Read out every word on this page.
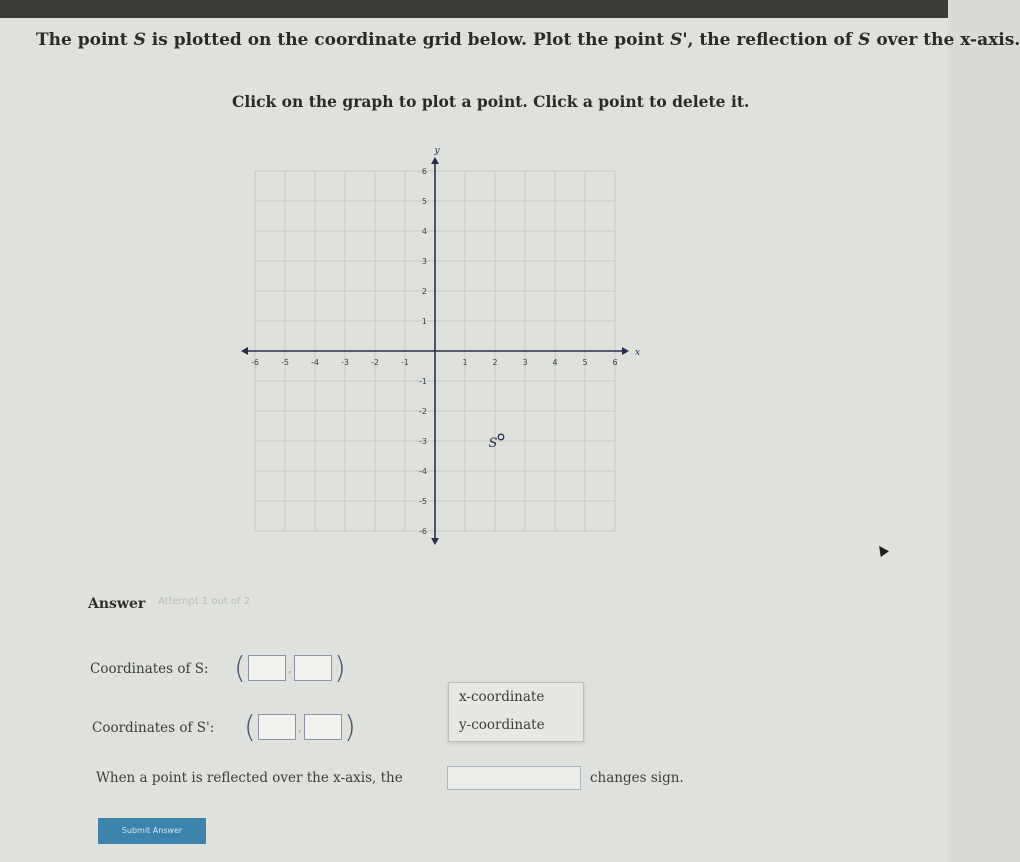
The point S is plotted on the coordinate grid below. Plot the point S', the reflection of S over the x-axis.
Click on the graph to plot a point. Click a point to delete it.
x
y
-6	-5	-4	-3	-2	-1	1	2	3	4	5	6
6
5
4
3
2
1
-1
-2
-3
-4
-5
-6
S
Answer Attempt 1 out of 2
Coordinates of S: (	, )
Coordinates of S': (	, )
x-coordinate
y-coordinate
When a point is reflected over the x-axis, the	changes sign.
Submit Answer
